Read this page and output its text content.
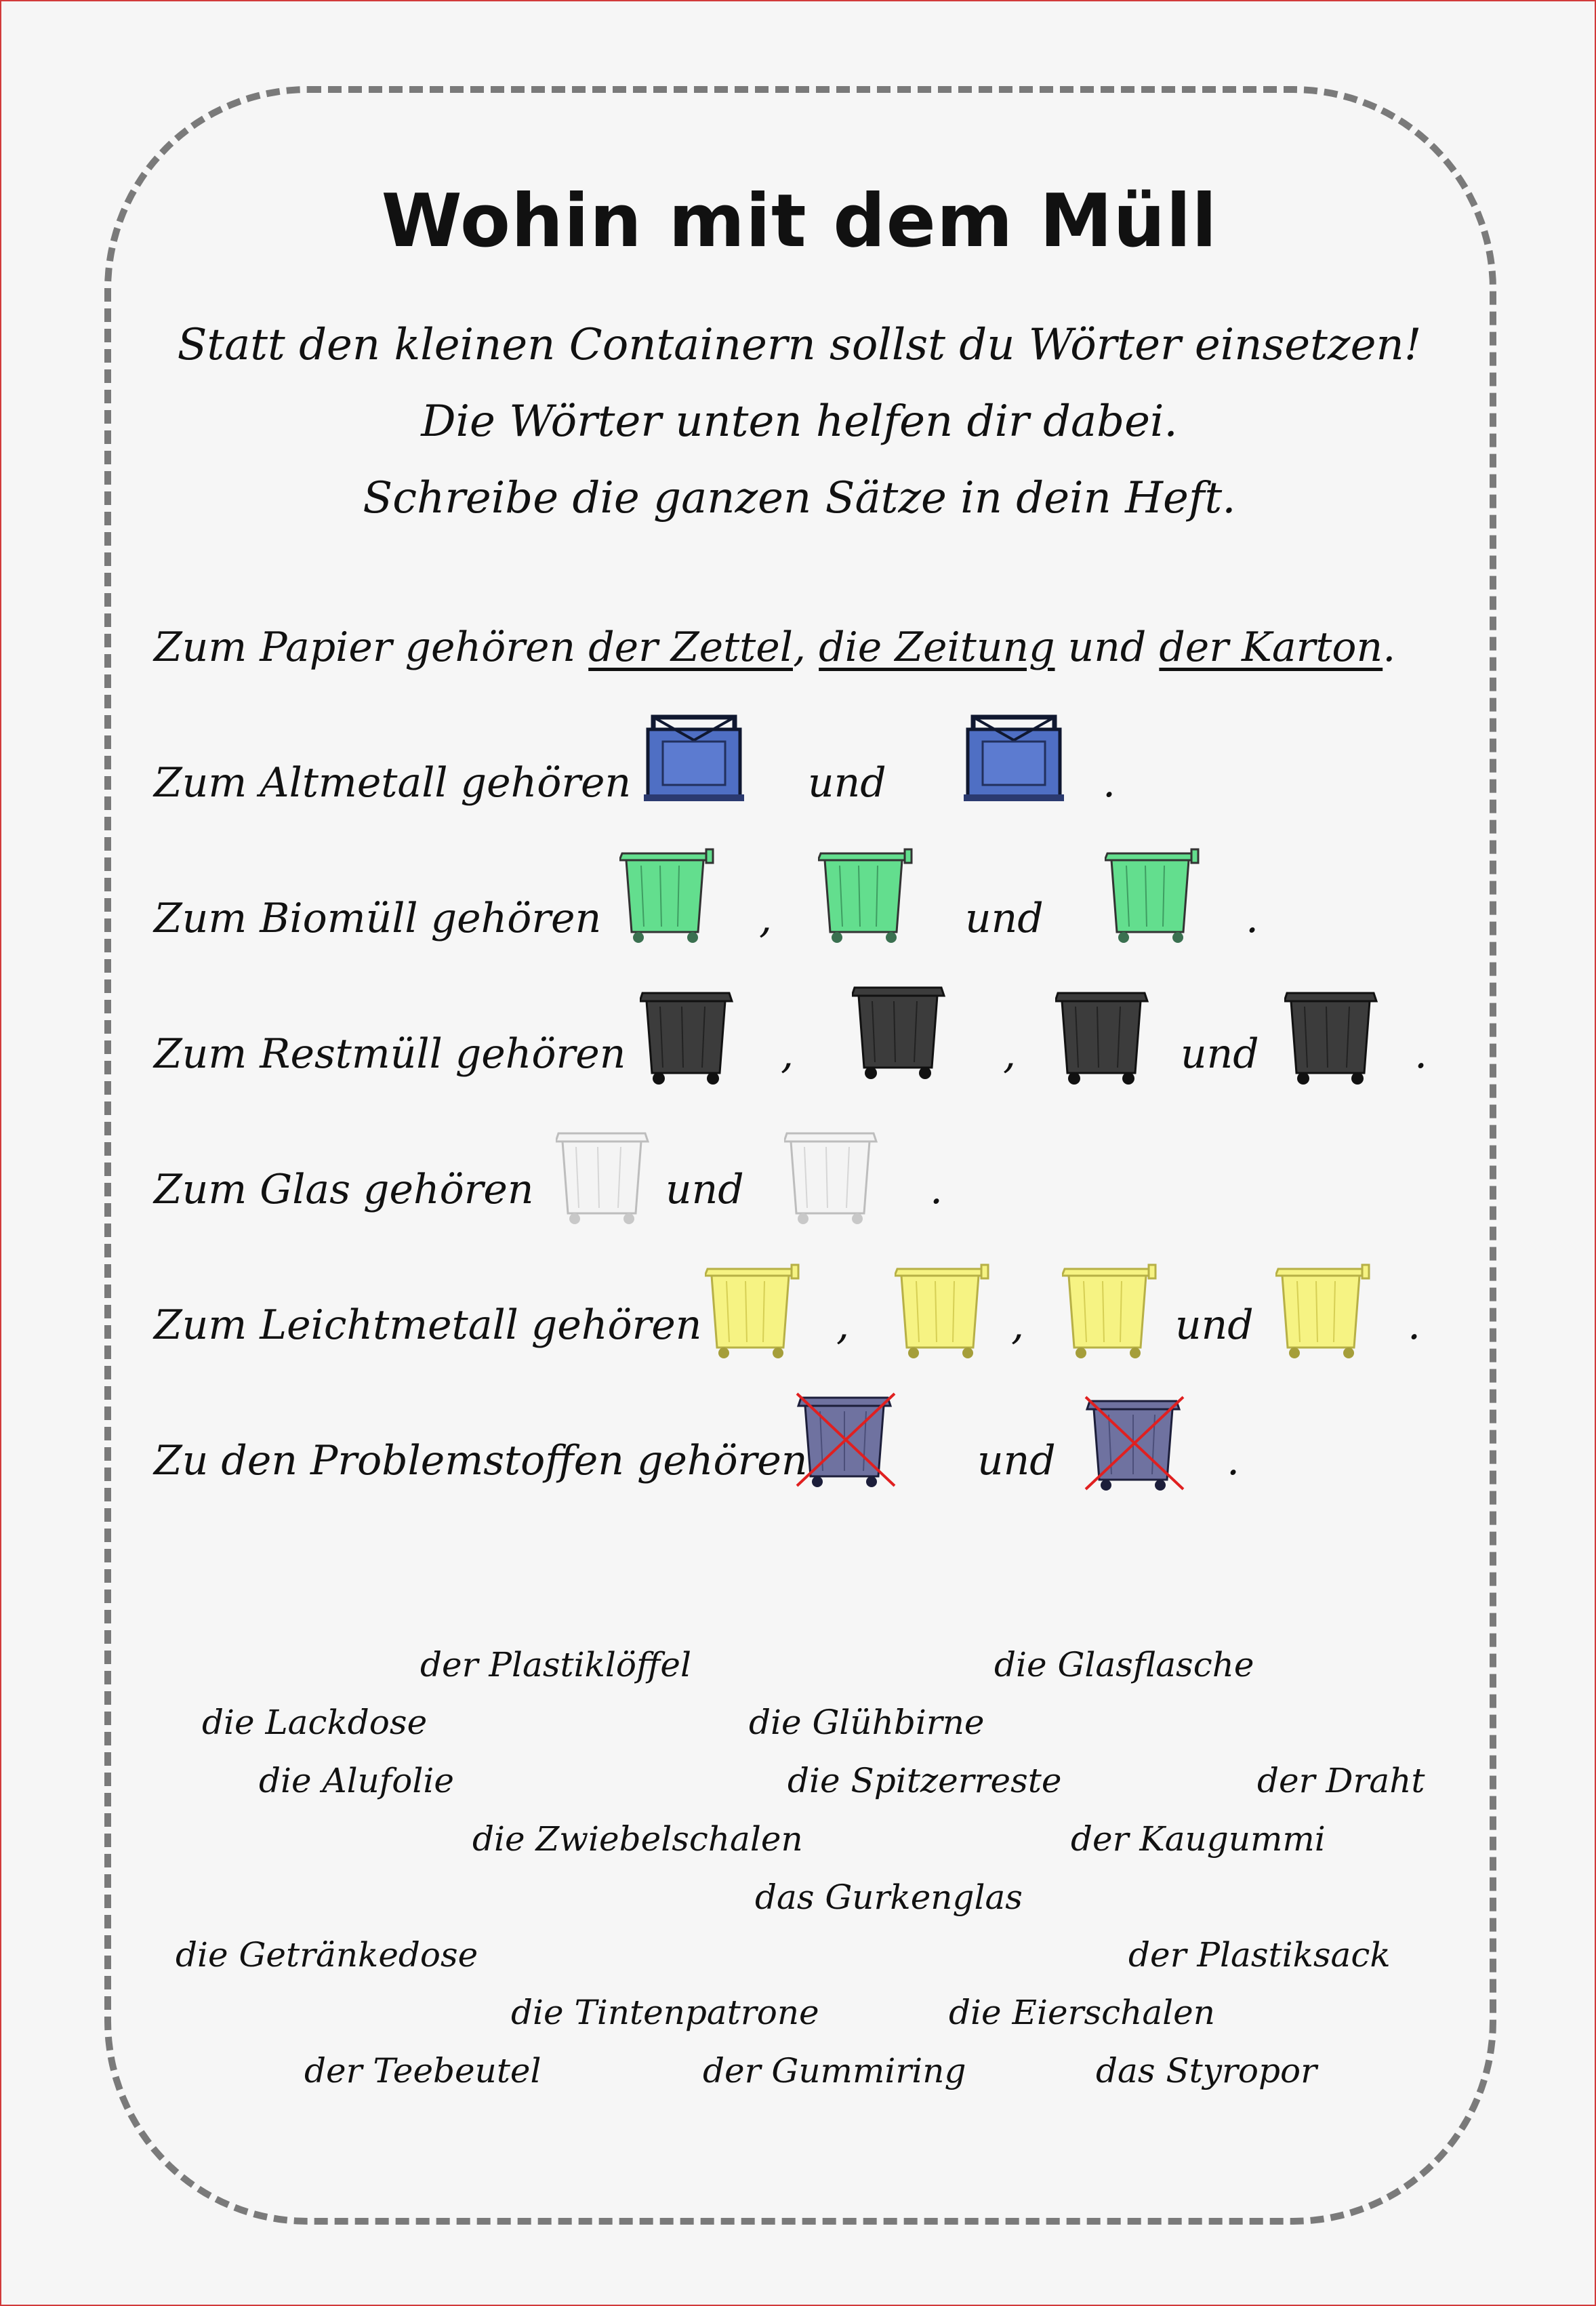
Wohin mit dem Müll
Statt den kleinen Containern sollst du Wörter einsetzen!
Die Wörter unten helfen dir dabei.
Schreibe die ganzen Sätze in dein Heft.
Zum Papier gehören der Zettel, die Zeitung und der Karton.
Zum Altmetall gehören	und	.
Zum Biomüll gehören	,	und	.
Zum Restmüll gehören	,	,	und	.
Zum Glas gehören	und	.
Zum Leichtmetall gehören	,	,	und	.
Zu den Problemstoffen gehören	und	.
der Plastiklöffel	die Glasflasche
die Lackdose	die Glühbirne
die Alufolie	die Spitzerreste	der Draht
die Zwiebelschalen	der Kaugummi
das Gurkenglas
die Getränkedose	der Plastiksack
die Tintenpatrone	die Eierschalen
der Teebeutel	der Gummiring	das Styropor
